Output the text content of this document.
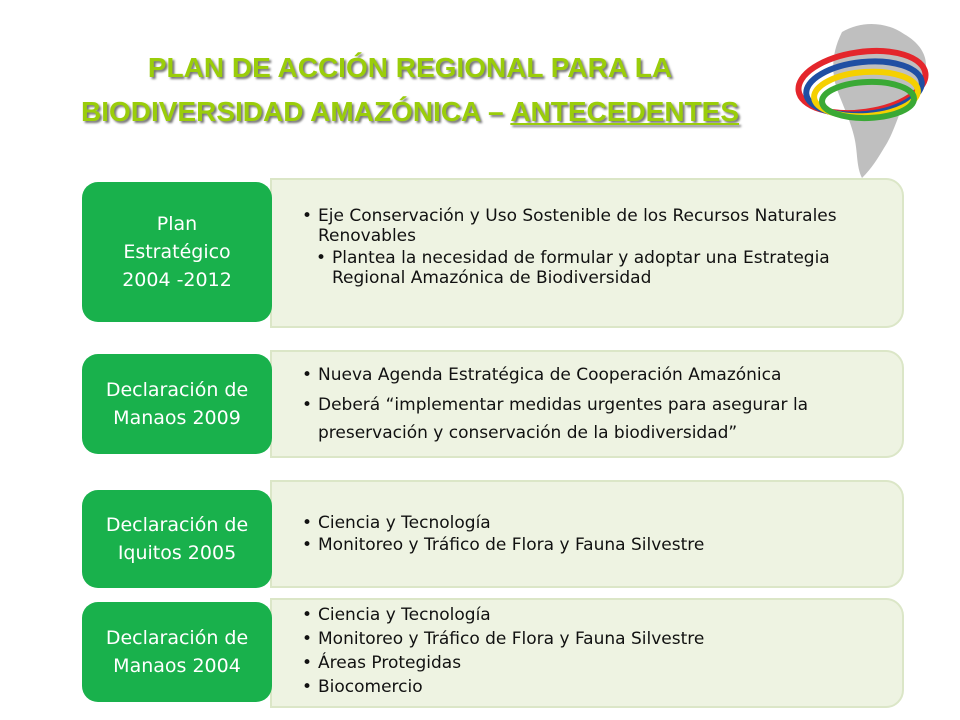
PLAN DE ACCIÓN REGIONAL PARA LA
BIODIVERSIDAD AMAZÓNICA – ANTECEDENTES
Plan
Estratégico
2004 -2012
• Eje Conservación y Uso Sostenible de los Recursos Naturales Renovables
• Plantea la necesidad de formular y adoptar una Estrategia Regional Amazónica de Biodiversidad
Declaración de
Manaos 2009
• Nueva Agenda Estratégica de Cooperación Amazónica
• Deberá “implementar medidas urgentes para asegurar la preservación y conservación de la biodiversidad”
Declaración de
Iquitos 2005
• Ciencia y Tecnología
• Monitoreo y Tráfico de Flora y Fauna Silvestre
Declaración de
Manaos 2004
• Ciencia y Tecnología
• Monitoreo y Tráfico de Flora y Fauna Silvestre
• Áreas Protegidas
• Biocomercio
